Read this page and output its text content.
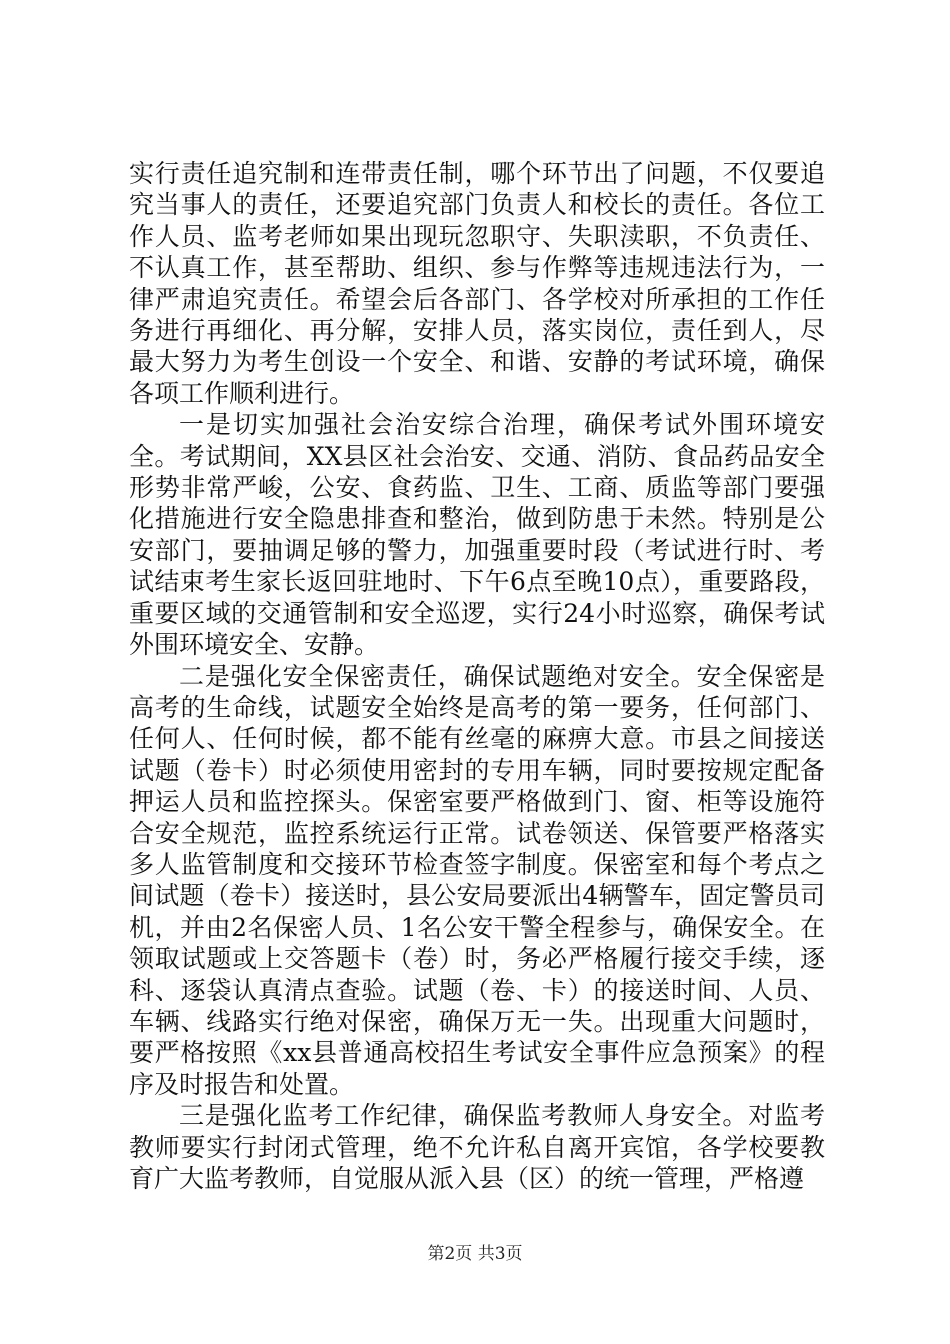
实行责任追究制和连带责任制，哪个环节出了问题，不仅要追究当事人的责任，还要追究部门负责人和校长的责任。各位工作人员、监考老师如果出现玩忽职守、失职渎职，不负责任、不认真工作，甚至帮助、组织、参与作弊等违规违法行为，一律严肃追究责任。希望会后各部门、各学校对所承担的工作任务进行再细化、再分解，安排人员，落实岗位，责任到人，尽最大努力为考生创设一个安全、和谐、安静的考试环境，确保各项工作顺利进行。

一是切实加强社会治安综合治理，确保考试外围环境安全。考试期间，XX县区社会治安、交通、消防、食品药品安全形势非常严峻，公安、食药监、卫生、工商、质监等部门要强化措施进行安全隐患排查和整治，做到防患于未然。特别是公安部门，要抽调足够的警力，加强重要时段（考试进行时、考试结束考生家长返回驻地时、下午6点至晚10点），重要路段，重要区域的交通管制和安全巡逻，实行24小时巡察，确保考试外围环境安全、安静。

二是强化安全保密责任，确保试题绝对安全。安全保密是高考的生命线，试题安全始终是高考的第一要务，任何部门、任何人、任何时候，都不能有丝毫的麻痹大意。市县之间接送试题（卷卡）时必须使用密封的专用车辆，同时要按规定配备押运人员和监控探头。保密室要严格做到门、窗、柜等设施符合安全规范，监控系统运行正常。试卷领送、保管要严格落实多人监管制度和交接环节检查签字制度。保密室和每个考点之间试题（卷卡）接送时，县公安局要派出4辆警车，固定警员司机，并由2名保密人员、1名公安干警全程参与，确保安全。在领取试题或上交答题卡（卷）时，务必严格履行接交手续，逐科、逐袋认真清点查验。试题（卷、卡）的接送时间、人员、车辆、线路实行绝对保密，确保万无一失。出现重大问题时，要严格按照《xx县普通高校招生考试安全事件应急预案》的程序及时报告和处置。

三是强化监考工作纪律，确保监考教师人身安全。对监考教师要实行封闭式管理，绝不允许私自离开宾馆，各学校要教育广大监考教师，自觉服从派入县（区）的统一管理，严格遵

第2页 共3页
